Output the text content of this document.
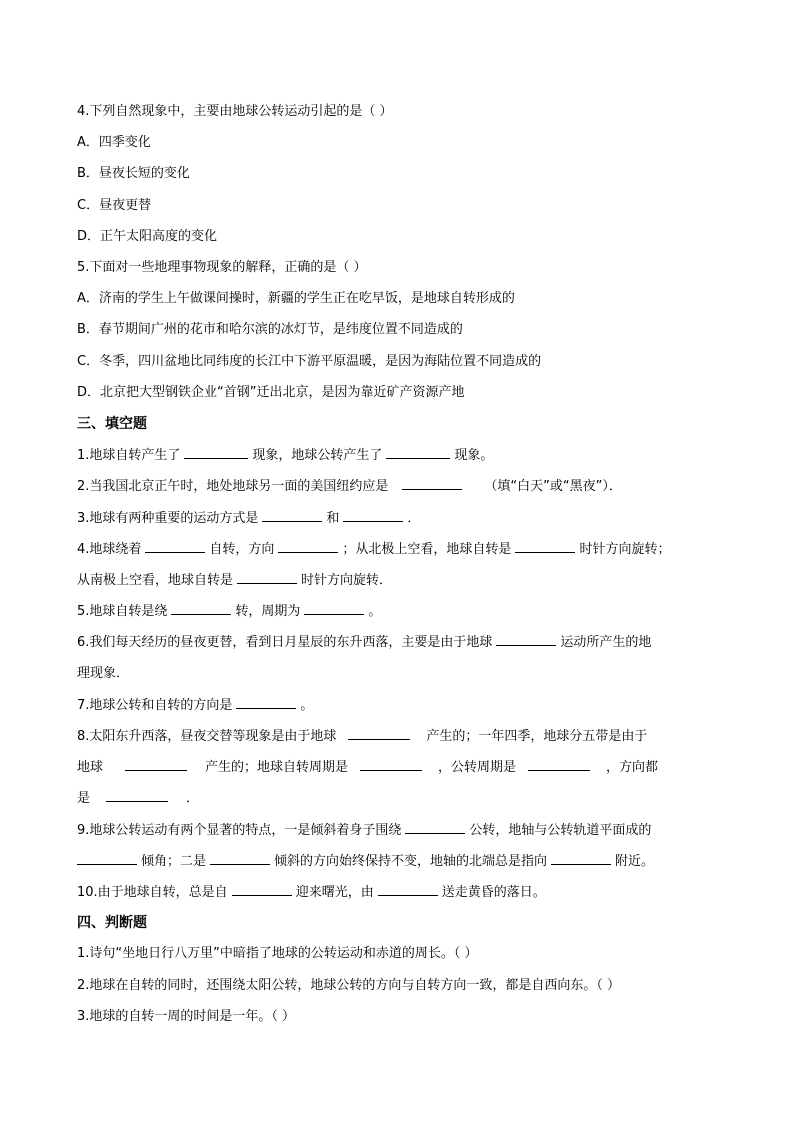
4.下列自然现象中，主要由地球公转运动引起的是（ ）
A．四季变化
B．昼夜长短的变化
C．昼夜更替
D．正午太阳高度的变化
5.下面对一些地理事物现象的解释，正确的是（ ）
A．济南的学生上午做课间操时，新疆的学生正在吃早饭，是地球自转形成的
B．春节期间广州的花市和哈尔滨的冰灯节，是纬度位置不同造成的
C．冬季，四川盆地比同纬度的长江中下游平原温暖，是因为海陆位置不同造成的
D．北京把大型钢铁企业“首钢”迁出北京，是因为靠近矿产资源产地
三、填空题
1.地球自转产生了	现象，地球公转产生了	现象。
2.当我国北京正午时，地处地球另一面的美国纽约应是	（填“白天”或“黑夜”）．
3.地球有两种重要的运动方式是	和	．
4.地球绕着	自转，方向	；从北极上空看，地球自转是	时针方向旋转；
从南极上空看，地球自转是	时针方向旋转．
5.地球自转是绕	转，周期为	。
6.我们每天经历的昼夜更替，看到日月星辰的东升西落，主要是由于地球	运动所产生的地
理现象．
7.地球公转和自转的方向是	。
8.太阳东升西落，昼夜交替等现象是由于地球	产生的；一年四季，地球分五带是由于
地球	产生的；地球自转周期是	，公转周期是	，方向都
是	．
9.地球公转运动有两个显著的特点，一是倾斜着身子围绕	公转，地轴与公转轨道平面成的
倾角；二是	倾斜的方向始终保持不变，地轴的北端总是指向	附近。
10.由于地球自转，总是自	迎来曙光，由	送走黄昏的落日。
四、判断题
1.诗句“坐地日行八万里”中暗指了地球的公转运动和赤道的周长。（ ）
2.地球在自转的同时，还围绕太阳公转，地球公转的方向与自转方向一致，都是自西向东。（ ）
3.地球的自转一周的时间是一年。（ ）
